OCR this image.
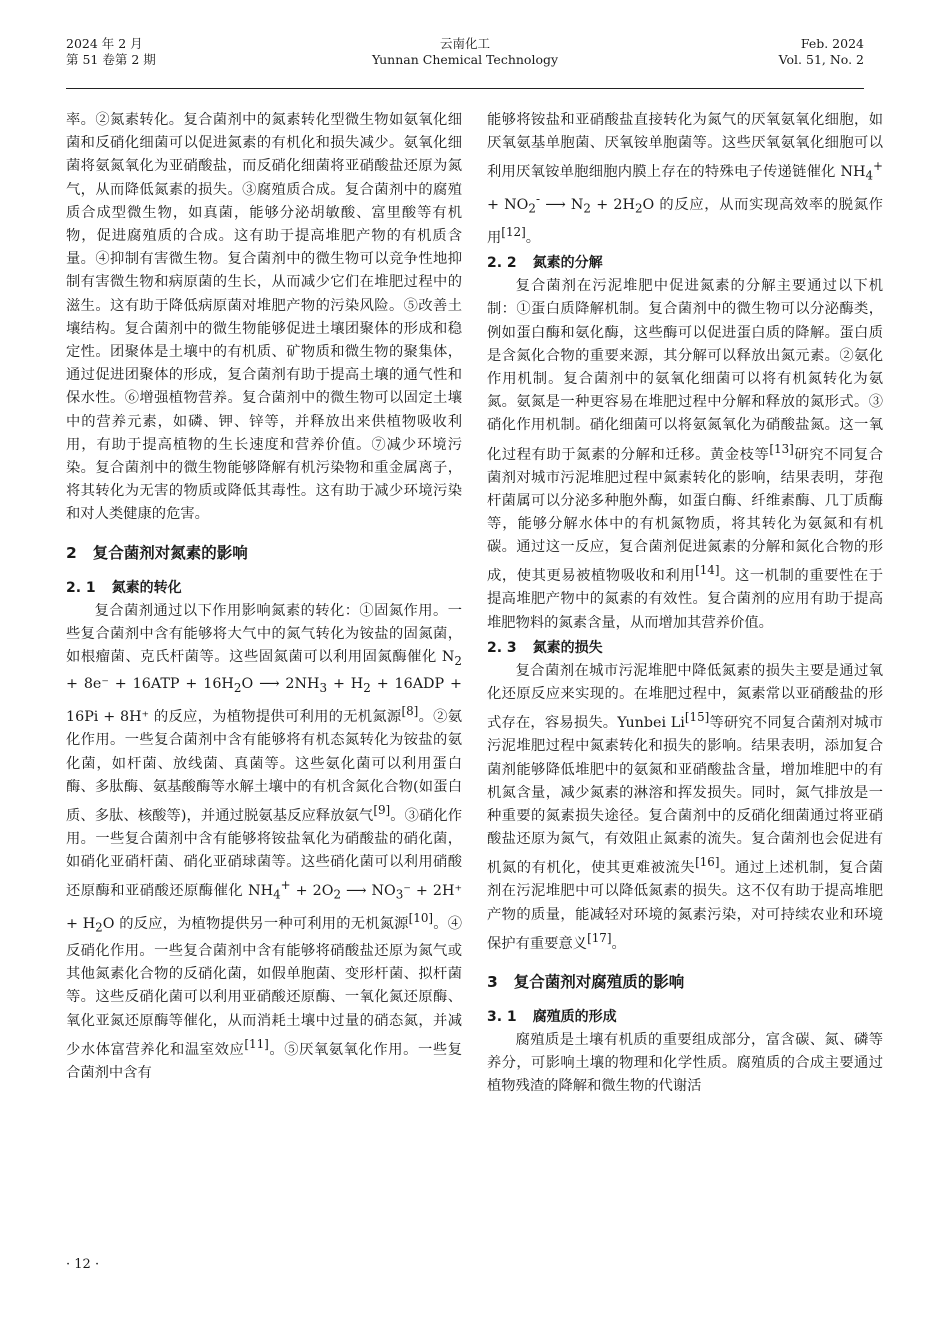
2024 年 2 月
第 51 卷第 2 期
云南化工
Yunnan Chemical Technology
Feb. 2024
Vol. 51, No. 2

率。②氮素转化。复合菌剂中的氮素转化型微生物如氨氧化细菌和反硝化细菌可以促进氮素的有机化和损失减少。氨氧化细菌将氨氮氧化为亚硝酸盐，而反硝化细菌将亚硝酸盐还原为氮气，从而降低氮素的损失。③腐殖质合成。复合菌剂中的腐殖质合成型微生物，如真菌，能够分泌胡敏酸、富里酸等有机物，促进腐殖质的合成。这有助于提高堆肥产物的有机质含量。④抑制有害微生物。复合菌剂中的微生物可以竞争性地抑制有害微生物和病原菌的生长，从而减少它们在堆肥过程中的滋生。这有助于降低病原菌对堆肥产物的污染风险。⑤改善土壤结构。复合菌剂中的微生物能够促进土壤团聚体的形成和稳定性。团聚体是土壤中的有机质、矿物质和微生物的聚集体，通过促进团聚体的形成，复合菌剂有助于提高土壤的通气性和保水性。⑥增强植物营养。复合菌剂中的微生物可以固定土壤中的营养元素，如磷、钾、锌等，并释放出来供植物吸收利用，有助于提高植物的生长速度和营养价值。⑦减少环境污染。复合菌剂中的微生物能够降解有机污染物和重金属离子，将其转化为无害的物质或降低其毒性。这有助于减少环境污染和对人类健康的危害。

2 复合菌剂对氮素的影响
2. 1 氮素的转化

复合菌剂通过以下作用影响氮素的转化：①固氮作用。一些复合菌剂中含有能够将大气中的氮气转化为铵盐的固氮菌，如根瘤菌、克氏杆菌等。这些固氮菌可以利用固氮酶催化 $N_2 + 8e^- + 16ATP + 16H_2O$ ⟶ $2NH_3 + H_2 + 16ADP + 16Pi + 8H^+$ 的反应，为植物提供可利用的无机氮源[8]。②氨化作用。一些复合菌剂中含有能够将有机态氮转化为铵盐的氨化菌，如杆菌、放线菌、真菌等。这些氨化菌可以利用蛋白酶、多肽酶、氨基酸酶等水解土壤中的有机含氮化合物(如蛋白质、多肽、核酸等)，并通过脱氨基反应释放氨气[9]。③硝化作用。一些复合菌剂中含有能够将铵盐氧化为硝酸盐的硝化菌，如硝化亚硝杆菌、硝化亚硝球菌等。这些硝化菌可以利用硝酸还原酶和亚硝酸还原酶催化 $NH_4^+ + 2O_2$ ⟶ $NO_3^- + 2H^+ + H_2O$ 的反应，为植物提供另一种可利用的无机氮源[10]。④反硝化作用。一些复合菌剂中含有能够将硝酸盐还原为氮气或其他氮素化合物的反硝化菌，如假单胞菌、变形杆菌、拟杆菌等。这些反硝化菌可以利用亚硝酸还原酶、一氧化氮还原酶、氧化亚氮还原酶等催化，从而消耗土壤中过量的硝态氮，并减少水体富营养化和温室效应[11]。⑤厌氧氨氧化作用。一些复合菌剂中含有

能够将铵盐和亚硝酸盐直接转化为氮气的厌氧氨氧化细胞，如厌氧氨基单胞菌、厌氧铵单胞菌等。这些厌氧氨氧化细胞可以利用厌氧铵单胞细胞内膜上存在的特殊电子传递链催化 $NH_4^+ + NO_2^-$ ⟶ $N_2 + 2H_2O$ 的反应，从而实现高效率的脱氮作用[12]。

2. 2 氮素的分解

复合菌剂在污泥堆肥中促进氮素的分解主要通过以下机制：①蛋白质降解机制。复合菌剂中的微生物可以分泌酶类，例如蛋白酶和氨化酶，这些酶可以促进蛋白质的降解。蛋白质是含氮化合物的重要来源，其分解可以释放出氮元素。②氨化作用机制。复合菌剂中的氨氧化细菌可以将有机氮转化为氨氮。氨氮是一种更容易在堆肥过程中分解和释放的氮形式。③硝化作用机制。硝化细菌可以将氨氮氧化为硝酸盐氮。这一氧化过程有助于氮素的分解和迁移。黄金枝等[13]研究不同复合菌剂对城市污泥堆肥过程中氮素转化的影响，结果表明，芽孢杆菌属可以分泌多种胞外酶，如蛋白酶、纤维素酶、几丁质酶等，能够分解水体中的有机氮物质，将其转化为氨氮和有机碳。通过这一反应，复合菌剂促进氮素的分解和氮化合物的形成，使其更易被植物吸收和利用[14]。这一机制的重要性在于提高堆肥产物中的氮素的有效性。复合菌剂的应用有助于提高堆肥物料的氮素含量，从而增加其营养价值。

2. 3 氮素的损失

复合菌剂在城市污泥堆肥中降低氮素的损失主要是通过氧化还原反应来实现的。在堆肥过程中，氮素常以亚硝酸盐的形式存在，容易损失。Yunbei Li[15]等研究不同复合菌剂对城市污泥堆肥过程中氮素转化和损失的影响。结果表明，添加复合菌剂能够降低堆肥中的氨氮和亚硝酸盐含量，增加堆肥中的有机氮含量，减少氮素的淋溶和挥发损失。同时，氮气排放是一种重要的氮素损失途径。复合菌剂中的反硝化细菌通过将亚硝酸盐还原为氮气，有效阻止氮素的流失。复合菌剂也会促进有机氮的有机化，使其更难被流失[16]。通过上述机制，复合菌剂在污泥堆肥中可以降低氮素的损失。这不仅有助于提高堆肥产物的质量，能减轻对环境的氮素污染，对可持续农业和环境保护有重要意义[17]。

3 复合菌剂对腐殖质的影响
3. 1 腐殖质的形成

腐殖质是土壤有机质的重要组成部分，富含碳、氮、磷等养分，可影响土壤的物理和化学性质。腐殖质的合成主要通过植物残渣的降解和微生物的代谢活

· 12 ·
